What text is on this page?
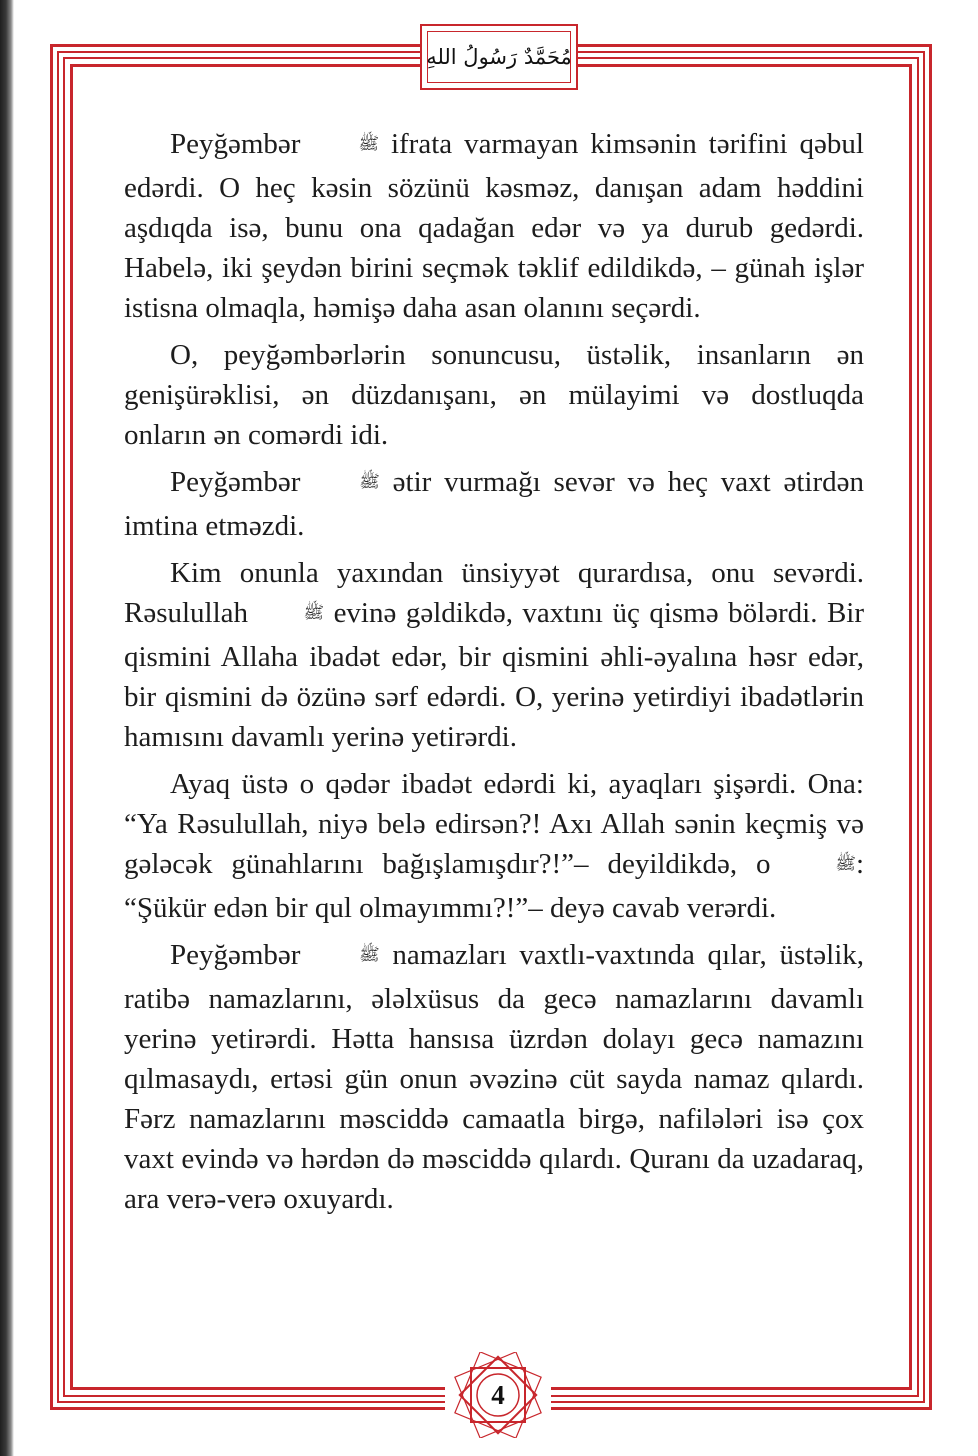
مُحَمَّدٌ رَسُولُ اللهِ

Peyğəmbər	ﷺ ifrata varmayan kimsənin tərifini qəbul edərdi. O heç kəsin sözünü kəsməz, danışan adam həddini aşdıqda isə, bunu ona qadağan edər və ya durub gedərdi. Habelə, iki şeydən birini seçmək təklif edildikdə, – günah işlər istisna olmaqla, həmişə daha asan olanını seçərdi.

O, peyğəmbərlərin sonuncusu, üstəlik, insanların ən genişürəklisi, ən düzdanışanı, ən mülayimi və dostluqda onların ən comərdi idi.

Peyğəmbər	ﷺ ətir vurmağı sevər və heç vaxt ətirdən imtina etməzdi.

Kim onunla yaxından ünsiyyət qurardısa, onu sevərdi. Rəsulullah	ﷺ evinə gəldikdə, vaxtını üç qismə bölərdi. Bir qismini Allaha ibadət edər, bir qismini əhli-əyalına həsr edər, bir qismini də özünə sərf edərdi. O, yerinə yetirdiyi ibadətlərin hamısını davamlı yerinə yetirərdi.

Ayaq üstə o qədər ibadət edərdi ki, ayaqları şişərdi. Ona: “Ya Rəsulullah, niyə belə edirsən?! Axı Allah sənin keçmiş və gələcək günahlarını bağışlamışdır?!”– deyildikdə, o	ﷺ: “Şükür edən bir qul olmayımmı?!”– deyə cavab verərdi.

Peyğəmbər	ﷺ namazları vaxtlı-vaxtında qılar, üstəlik, ratibə namazlarını, ələlxüsus da gecə namazlarını davamlı yerinə yetirərdi. Hətta hansısa üzrdən dolayı gecə namazını qılmasaydı, ertəsi gün onun əvəzinə cüt sayda namaz qılardı. Fərz namazlarını məsciddə camaatla birgə, nafilələri isə çox vaxt evində və hərdən də məsciddə qılardı. Quranı da uzadaraq, ara verə-verə oxuyardı.

4
